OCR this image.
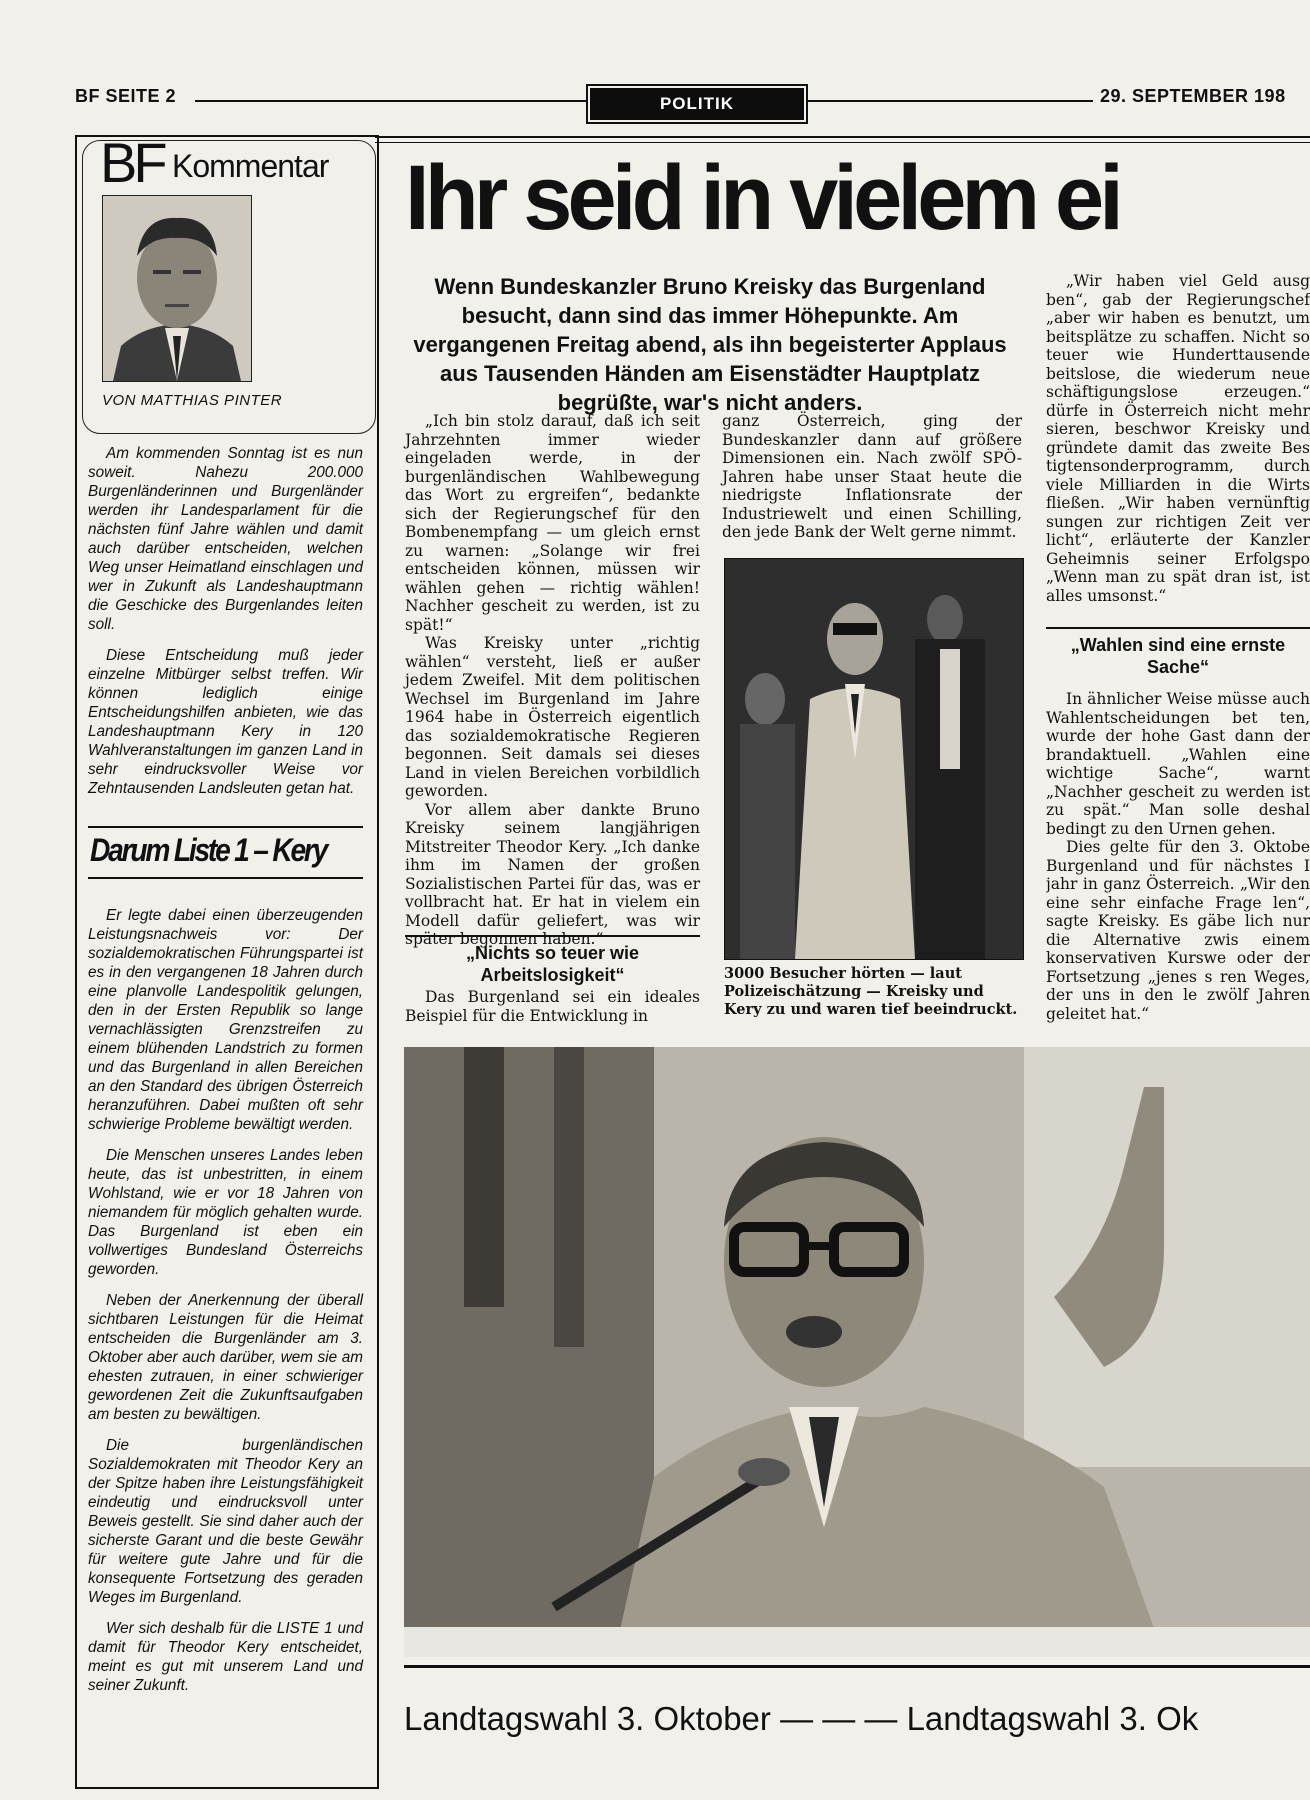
BF SEITE 2	POLITIK	29. SEPTEMBER 198
BF Kommentar
VON MATTHIAS PINTER

Am kommenden Sonntag ist es nun soweit. Nahezu 200.000 Burgenländerinnen und Burgenländer werden ihr Landesparlament für die nächsten fünf Jahre wählen und damit auch darüber entscheiden, welchen Weg unser Heimatland einschlagen und wer in Zukunft als Landeshauptmann die Geschicke des Burgenlandes leiten soll.

Diese Entscheidung muß jeder einzelne Mitbürger selbst treffen. Wir können lediglich einige Entscheidungshilfen anbieten, wie das Landeshauptmann Kery in 120 Wahlveranstaltungen im ganzen Land in sehr eindrucksvoller Weise vor Zehntausenden Landsleuten getan hat.

Darum Liste 1 – Kery

Er legte dabei einen überzeugenden Leistungsnachweis vor: Der sozialdemokratischen Führungspartei ist es in den vergangenen 18 Jahren durch eine planvolle Landespolitik gelungen, den in der Ersten Republik so lange vernachlässigten Grenzstreifen zu einem blühenden Landstrich zu formen und das Burgenland in allen Bereichen an den Standard des übrigen Österreich heranzuführen. Dabei mußten oft sehr schwierige Probleme bewältigt werden.

Die Menschen unseres Landes leben heute, das ist unbestritten, in einem Wohlstand, wie er vor 18 Jahren von niemandem für möglich gehalten wurde. Das Burgenland ist eben ein vollwertiges Bundesland Österreichs geworden.

Neben der Anerkennung der überall sichtbaren Leistungen für die Heimat entscheiden die Burgenländer am 3. Oktober aber auch darüber, wem sie am ehesten zutrauen, in einer schwieriger gewordenen Zeit die Zukunftsaufgaben am besten zu bewältigen.

Die burgenländischen Sozialdemokraten mit Theodor Kery an der Spitze haben ihre Leistungsfähigkeit eindeutig und eindrucksvoll unter Beweis gestellt. Sie sind daher auch der sicherste Garant und die beste Gewähr für weitere gute Jahre und für die konsequente Fortsetzung des geraden Weges im Burgenland.

Wer sich deshalb für die LISTE 1 und damit für Theodor Kery entscheidet, meint es gut mit unserem Land und seiner Zukunft.

Ihr seid in vielem ei
Wenn Bundeskanzler Bruno Kreisky das Burgenland besucht, dann sind das immer Höhepunkte. Am vergangenen Freitag abend, als ihn begeisterter Applaus aus Tausenden Händen am Eisenstädter Hauptplatz begrüßte, war's nicht anders.

„Ich bin stolz darauf, daß ich seit Jahrzehnten immer wieder eingeladen werde, in der burgenländischen Wahlbewegung das Wort zu ergreifen“, bedankte sich der Regierungschef für den Bombenempfang — um gleich ernst zu warnen: „Solange wir frei entscheiden können, müssen wir wählen gehen — richtig wählen! Nachher gescheit zu werden, ist zu spät!“

Was Kreisky unter „richtig wählen“ versteht, ließ er außer jedem Zweifel. Mit dem politischen Wechsel im Burgenland im Jahre 1964 habe in Österreich eigentlich das sozialdemokratische Regieren begonnen. Seit damals sei dieses Land in vielen Bereichen vorbildlich geworden.

Vor allem aber dankte Bruno Kreisky seinem langjährigen Mitstreiter Theodor Kery. „Ich danke ihm im Namen der großen Sozialistischen Partei für das, was er vollbracht hat. Er hat in vielem ein Modell dafür geliefert, was wir später begonnen haben.“

„Nichts so teuer wie Arbeitslosigkeit“

Das Burgenland sei ein ideales Beispiel für die Entwicklung in

ganz Österreich, ging der Bundeskanzler dann auf größere Dimensionen ein. Nach zwölf SPÖ-Jahren habe unser Staat heute die niedrigste Inflationsrate der Industriewelt und einen Schilling, den jede Bank der Welt gerne nimmt.

3000 Besucher hörten — laut Polizeischätzung — Kreisky und Kery zu und waren tief beeindruckt.

„Wir haben viel Geld ausg ben“, gab der Regierungschef „aber wir haben es benutzt, um beitsplätze zu schaffen. Nicht so teuer wie Hunderttausende beitslose, die wiederum neue schäftigungslose erzeugen.“ dürfe in Österreich nicht mehr sieren, beschwor Kreisky und gründete damit das zweite Bes tigtensonderprogramm, durch viele Milliarden in die Wirts fließen. „Wir haben vernünftig sungen zur richtigen Zeit ver licht“, erläuterte der Kanzler Geheimnis seiner Erfolgspo „Wenn man zu spät dran ist, ist alles umsonst.“

„Wahlen sind eine ernste Sache“

In ähnlicher Weise müsse auch Wahlentscheidungen bet ten, wurde der hohe Gast dann der brandaktuell. „Wahlen eine wichtige Sache“, warnt „Nachher gescheit zu werden ist zu spät.“ Man solle deshal bedingt zu den Urnen gehen.

Dies gelte für den 3. Oktobe Burgenland und für nächstes I jahr in ganz Österreich. „Wir den eine sehr einfache Frage len“, sagte Kreisky. Es gäbe lich nur die Alternative zwis einem konservativen Kurswe oder der Fortsetzung „jenes s ren Weges, der uns in den le zwölf Jahren geleitet hat.“

Landtagswahl 3. Oktober — — — Landtagswahl 3. Ok
